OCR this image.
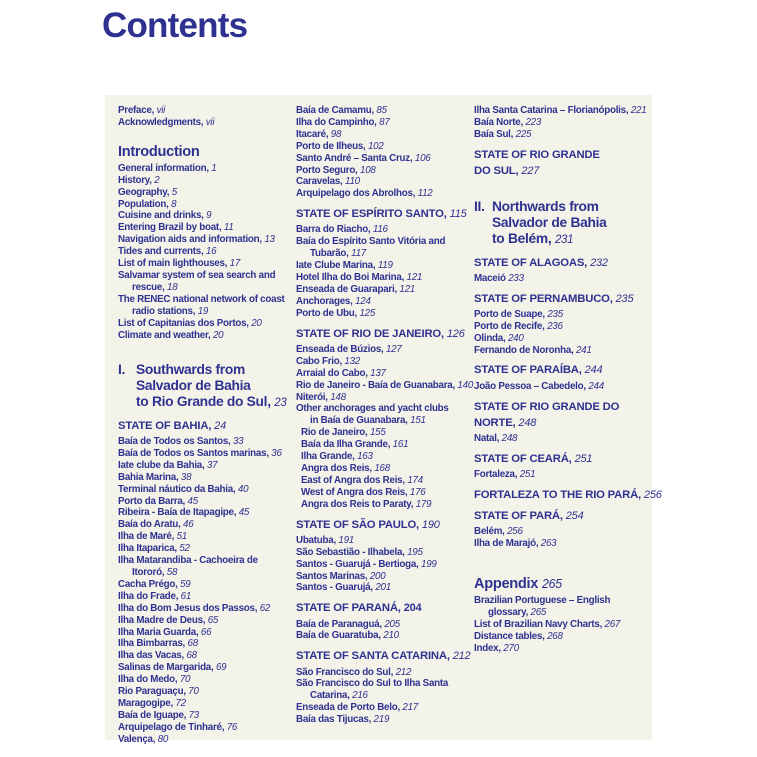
Contents
Preface, vii
Acknowledgments, vii
Introduction
General information, 1
History, 2
Geography, 5
Population, 8
Cuisine and drinks, 9
Entering Brazil by boat, 11
Navigation aids and information, 13
Tides and currents, 16
List of main lighthouses, 17
Salvamar system of sea search and
rescue, 18
The RENEC national network of coast
radio stations, 19
List of Capitanias dos Portos, 20
Climate and weather, 20
I. Southwards from
Salvador de Bahia
to Rio Grande do Sul, 23
STATE OF BAHIA, 24
Baía de Todos os Santos, 33
Baía de Todos os Santos marinas, 36
Iate clube da Bahia, 37
Bahia Marina, 38
Terminal náutico da Bahia, 40
Porto da Barra, 45
Ribeira - Baía de Itapagipe, 45
Baía do Aratu, 46
Ilha de Maré, 51
Ilha Itaparica, 52
Ilha Matarandiba - Cachoeira de
Itororó, 58
Cacha Prégo, 59
Ilha do Frade, 61
Ilha do Bom Jesus dos Passos, 62
Ilha Madre de Deus, 65
Ilha Maria Guarda, 66
Ilha Bimbarras, 68
Ilha das Vacas, 68
Salinas de Margarida, 69
Ilha do Medo, 70
Rio Paraguaçu, 70
Maragogipe, 72
Baía de Iguape, 73
Arquipelago de Tinharé, 76
Valença, 80
Baía de Camamu, 85
Ilha do Campinho, 87
Itacaré, 98
Porto de Ilheus, 102
Santo André – Santa Cruz, 106
Porto Seguro, 108
Caravelas, 110
Arquipelago dos Abrolhos, 112
STATE OF ESPÍRITO SANTO, 115
Barra do Riacho, 116
Baía do Espírito Santo Vitória and
Tubarão, 117
Iate Clube Marina, 119
Hotel Ilha do Boi Marina, 121
Enseada de Guarapari, 121
Anchorages, 124
Porto de Ubu, 125
STATE OF RIO DE JANEIRO, 126
Enseada de Búzios, 127
Cabo Frio, 132
Arraial do Cabo, 137
Rio de Janeiro - Baía de Guanabara, 140
Niterói, 148
Other anchorages and yacht clubs
in Baía de Guanabara, 151
Rio de Janeiro, 155
Baía da Ilha Grande, 161
Ilha Grande, 163
Angra dos Reis, 168
East of Angra dos Reis, 174
West of Angra dos Reis, 176
Angra dos Reis to Paraty, 179
STATE OF SÃO PAULO, 190
Ubatuba, 191
São Sebastião - Ilhabela, 195
Santos - Guarujá - Bertioga, 199
Santos Marinas, 200
Santos - Guarujá, 201
STATE OF PARANÁ, 204
Baía de Paranaguá, 205
Baía de Guaratuba, 210
STATE OF SANTA CATARINA, 212
São Francisco do Sul, 212
São Francisco do Sul to Ilha Santa
Catarina, 216
Enseada de Porto Belo, 217
Baía das Tijucas, 219
Ilha Santa Catarina – Florianópolis, 221
Baía Norte, 223
Baía Sul, 225
STATE OF RIO GRANDE
DO SUL, 227
II. Northwards from
Salvador de Bahia
to Belém, 231
STATE OF ALAGOAS, 232
Maceió 233
STATE OF PERNAMBUCO, 235
Porto de Suape, 235
Porto de Recife, 236
Olinda, 240
Fernando de Noronha, 241
STATE OF PARAÍBA, 244
João Pessoa – Cabedelo, 244
STATE OF RIO GRANDE DO
NORTE, 248
Natal, 248
STATE OF CEARÁ, 251
Fortaleza, 251
FORTALEZA TO THE RIO PARÁ, 256
STATE OF PARÁ, 254
Belém, 256
Ilha de Marajó, 263
Appendix 265
Brazilian Portuguese – English
glossary, 265
List of Brazilian Navy Charts, 267
Distance tables, 268
Index, 270
